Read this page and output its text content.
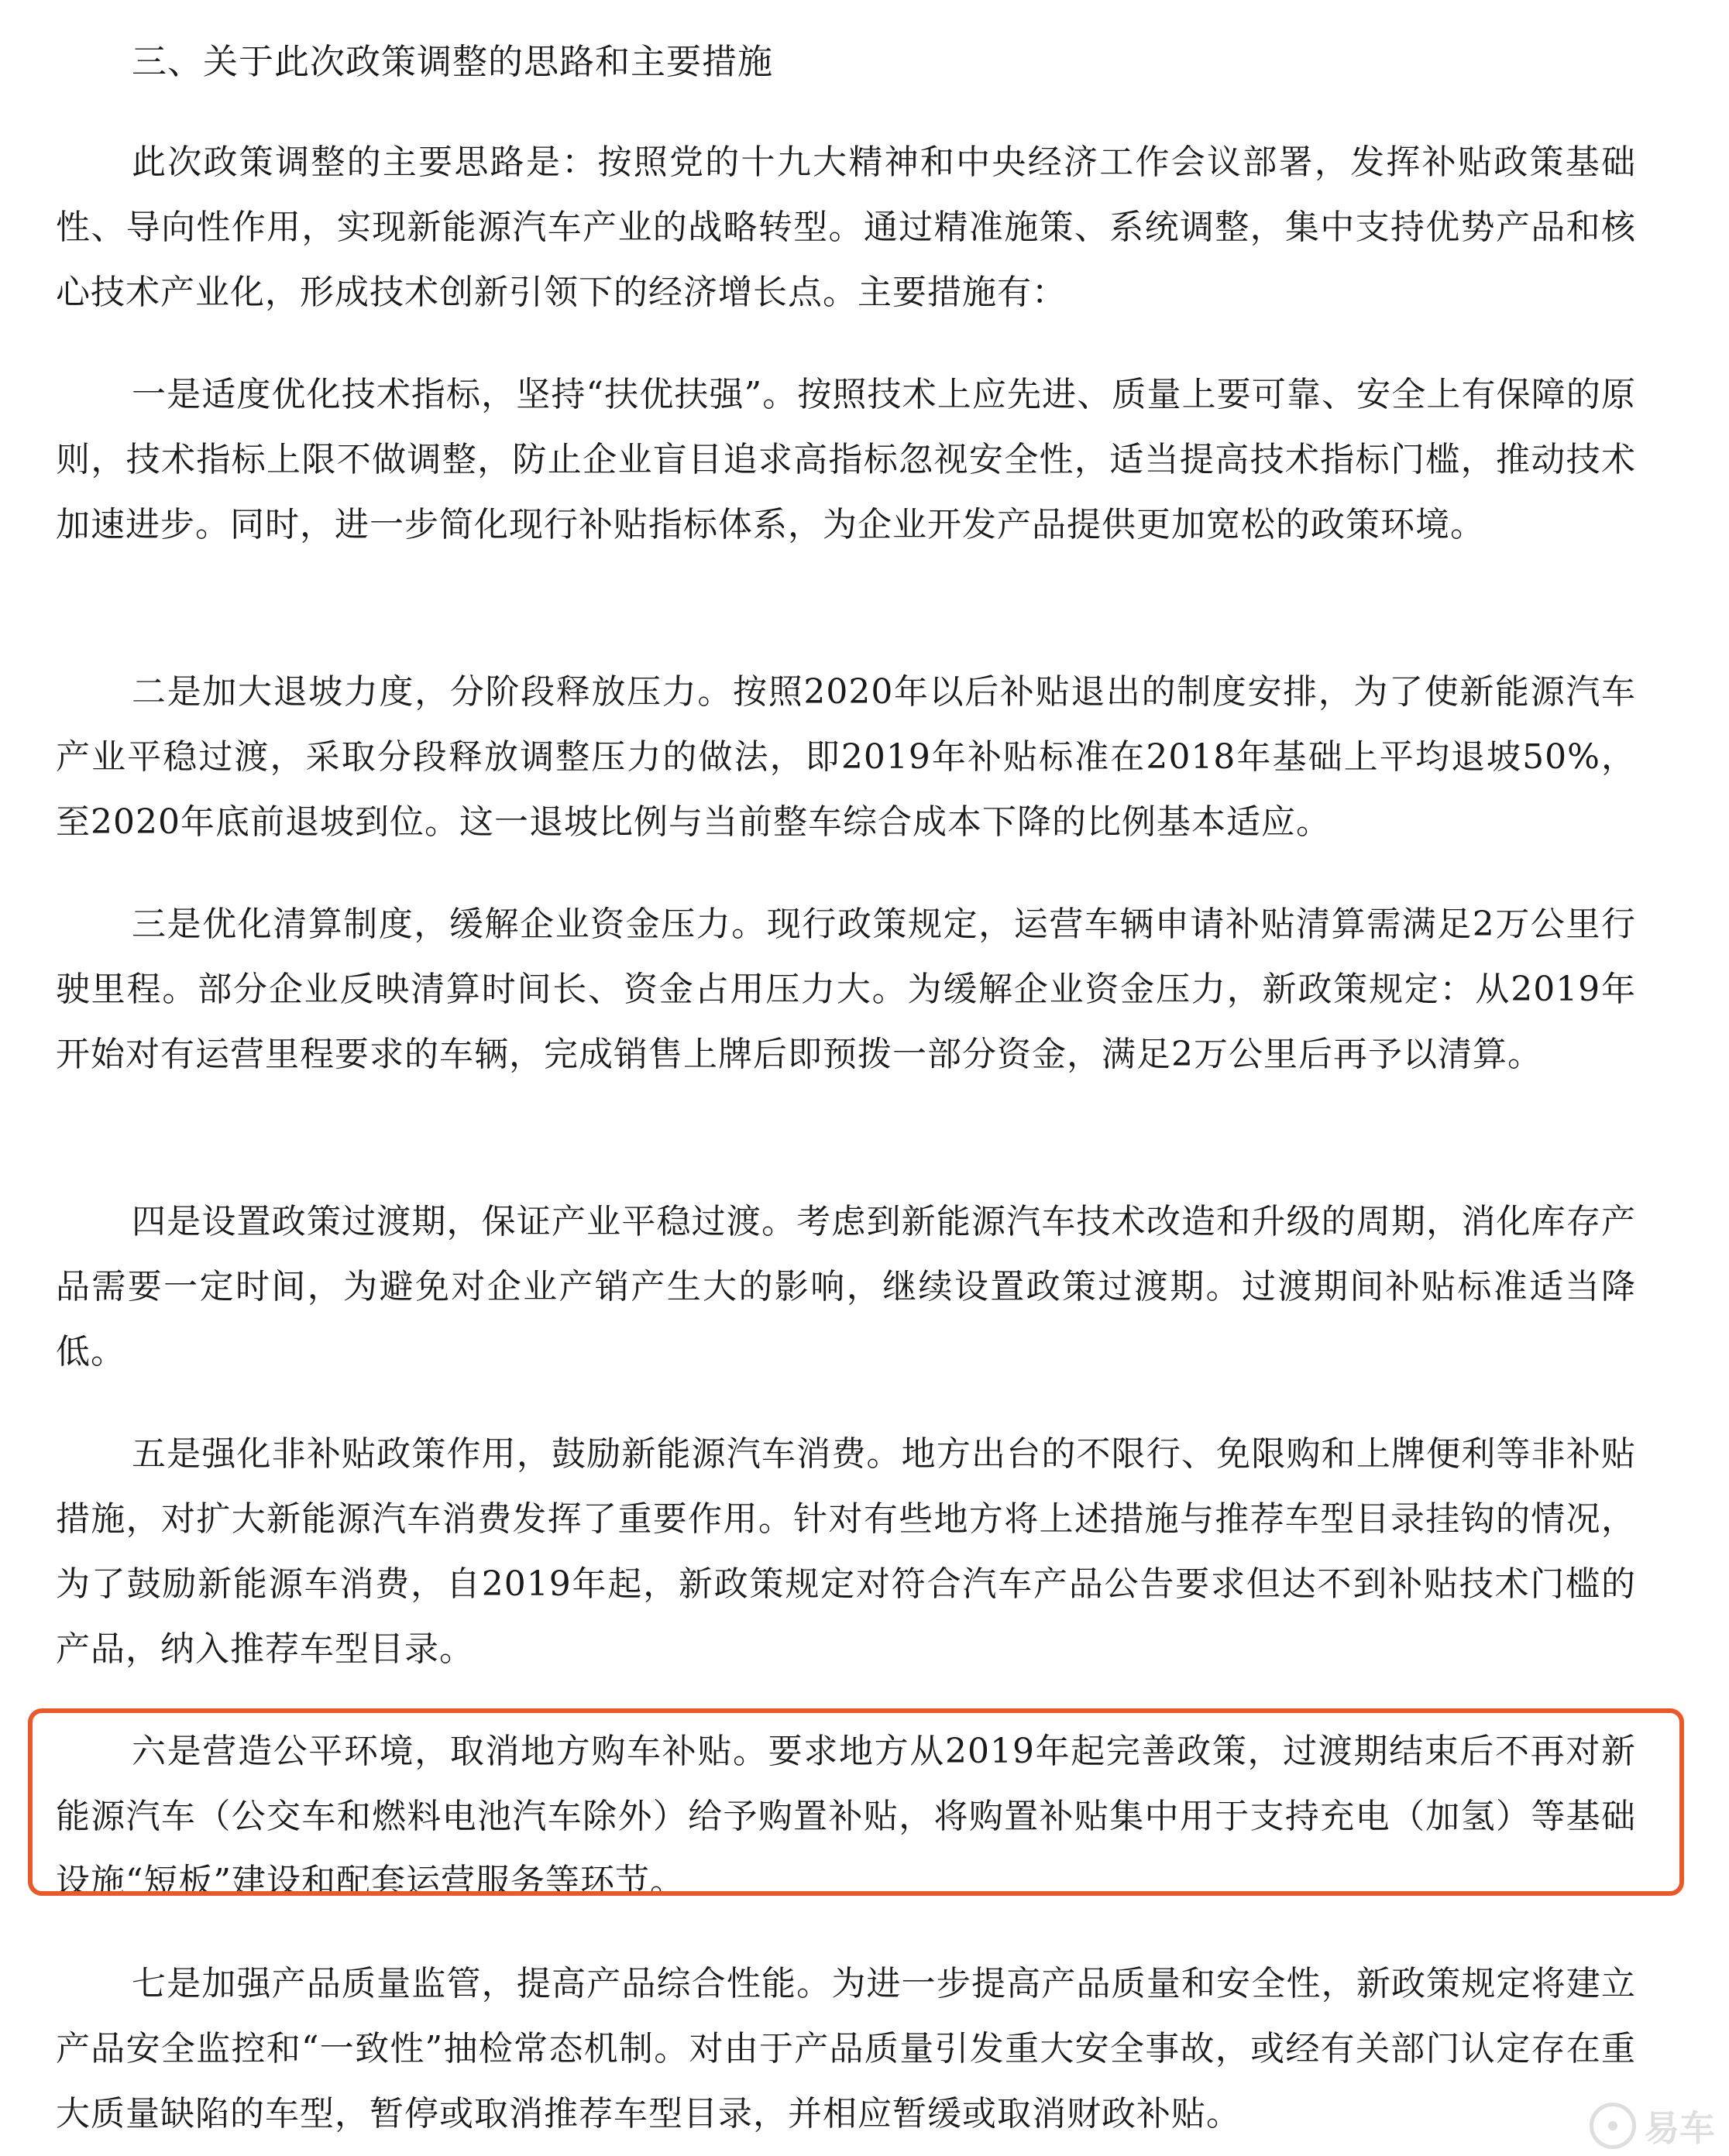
三、关于此次政策调整的思路和主要措施

此次政策调整的主要思路是：按照党的十九大精神和中央经济工作会议部署，发挥补贴政策基础性、导向性作用，实现新能源汽车产业的战略转型。通过精准施策、系统调整，集中支持优势产品和核心技术产业化，形成技术创新引领下的经济增长点。主要措施有：

一是适度优化技术指标，坚持“扶优扶强”。按照技术上应先进、质量上要可靠、安全上有保障的原则，技术指标上限不做调整，防止企业盲目追求高指标忽视安全性，适当提高技术指标门槛，推动技术加速进步。同时，进一步简化现行补贴指标体系，为企业开发产品提供更加宽松的政策环境。

二是加大退坡力度，分阶段释放压力。按照2020年以后补贴退出的制度安排，为了使新能源汽车产业平稳过渡，采取分段释放调整压力的做法，即2019年补贴标准在2018年基础上平均退坡50%，至2020年底前退坡到位。这一退坡比例与当前整车综合成本下降的比例基本适应。

三是优化清算制度，缓解企业资金压力。现行政策规定，运营车辆申请补贴清算需满足2万公里行驶里程。部分企业反映清算时间长、资金占用压力大。为缓解企业资金压力，新政策规定：从2019年开始对有运营里程要求的车辆，完成销售上牌后即预拨一部分资金，满足2万公里后再予以清算。

四是设置政策过渡期，保证产业平稳过渡。考虑到新能源汽车技术改造和升级的周期，消化库存产品需要一定时间，为避免对企业产销产生大的影响，继续设置政策过渡期。过渡期间补贴标准适当降低。

五是强化非补贴政策作用，鼓励新能源汽车消费。地方出台的不限行、免限购和上牌便利等非补贴措施，对扩大新能源汽车消费发挥了重要作用。针对有些地方将上述措施与推荐车型目录挂钩的情况，为了鼓励新能源车消费，自2019年起，新政策规定对符合汽车产品公告要求但达不到补贴技术门槛的产品，纳入推荐车型目录。

六是营造公平环境，取消地方购车补贴。要求地方从2019年起完善政策，过渡期结束后不再对新能源汽车（公交车和燃料电池汽车除外）给予购置补贴，将购置补贴集中用于支持充电（加氢）等基础设施“短板”建设和配套运营服务等环节。

七是加强产品质量监管，提高产品综合性能。为进一步提高产品质量和安全性，新政策规定将建立产品安全监控和“一致性”抽检常态机制。对由于产品质量引发重大安全事故，或经有关部门认定存在重大质量缺陷的车型，暂停或取消推荐车型目录，并相应暂缓或取消财政补贴。	易车
